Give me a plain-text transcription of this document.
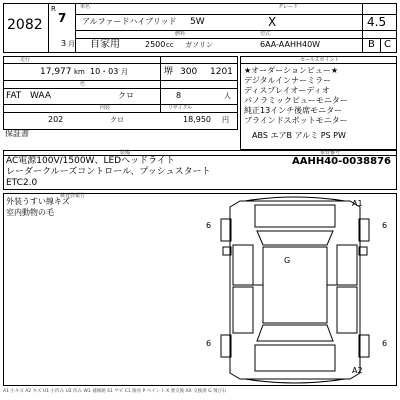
2082
R
7
3 月
車名	グレード
アルファードハイブリッド 5W	X	4.5
燃料	型式
自家用	2500 cc ガソリン	6AA-AAHH40W	B C
走行
17,977 km 10・03 月	堺 300 1201
色
FAT WAA	クロ	8	人
内装	リサイクル
202	クロ	18,950 円
保証書
セールスポイント
★オーダーションビュー★
デジタルインナーミラー
ディスプレイオーディオ
パノラミックビューモニター
純正13インチ後席モニター
ブラインドスポットモニター
ABS エアB アルミ PS PW
装備	車台番号
AC電源100V/1500W、LEDヘッドライト
レーダークルーズコントロール、プッシュスタート
ETC2.0
AAHH40-0038876
検査員報告
外装うすい線キズ
室内動物の毛
6	6
6	6
A1
G
A2
A1 小キズ A2 キズ U1 小凹み U2 凹み W1 補修跡 S1 サビ C1 腐食 P ペイント X 要交換 XX 交換済 G 飛び石
